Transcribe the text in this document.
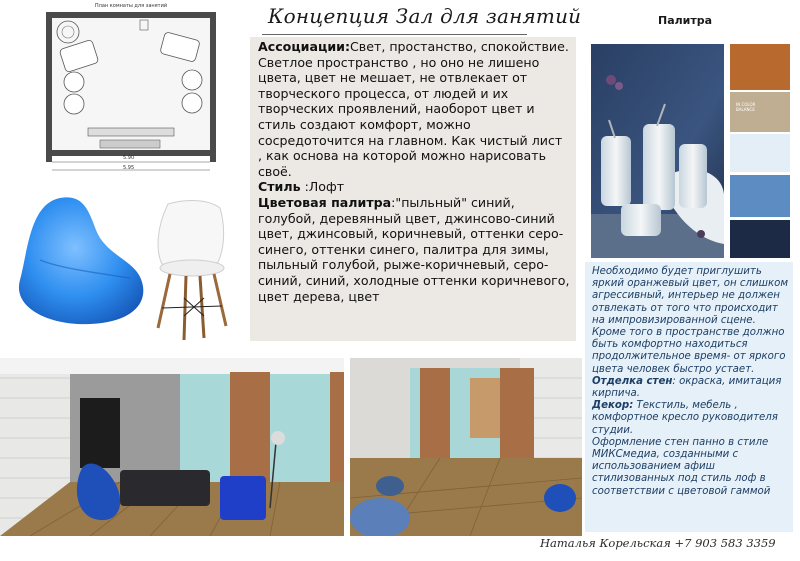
План комнаты для занятий
5.90
5.95
Концепция Зал для занятий
Ассоциации:Свет, простанство, спокойствие. Светлое пространство , но оно не лишено цвета, цвет не мешает, не отвлекает от творческого процесса, от людей и их творческих проявлений, наоборот цвет и стиль создают комфорт, можно сосредоточится на главном. Как чистый лист , как основа на которой можно нарисовать своё.
Стиль :Лофт
Цветовая палитра:"пыльный" синий, голубой, деревянный цвет, джинсово-синий цвет, джинсовый, коричневый, оттенки серо-синего, оттенки синего, палитра для зимы, пыльный голубой, рыже-коричневый, серо-синий, синий, холодные оттенки коричневого, цвет дерева, цвет
Палитра
IN COLOR BALANCE
Необходимо будет приглушить яркий оранжевый цвет, он слишком агрессивный, интерьер не должен отвлекать от того что происходит на импровизированной сцене. Кроме того в пространстве должно быть комфортно находиться продолжительное время- от яркого цвета человек быстро устает.
Отделка стен: окраска, имитация кирпича.
Декор: Текстиль, мебель , комфортное кресло руководителя студии.
Оформление стен панно в стиле МИКСмедиа, созданными с использованием афиш стилизованных под стиль лоф в соответствии с цветовой гаммой
Наталья Корельская +7 903 583 3359
